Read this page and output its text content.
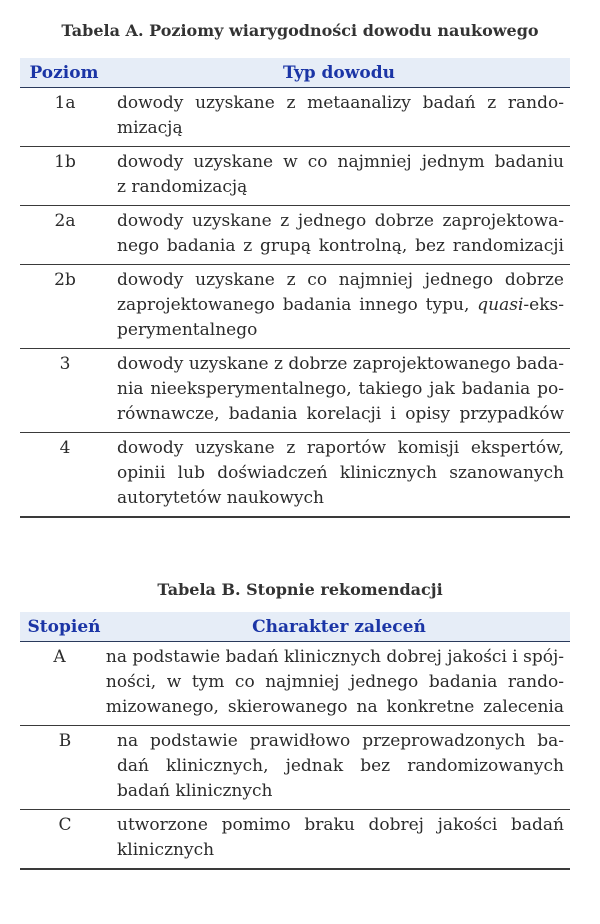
Tabela A. Poziomy wiarygodności dowodu naukowego
Poziom	Typ dowodu
1a	dowody uzyskane z metaanalizy badań z rando-
mizacją
1b	dowody uzyskane w co najmniej jednym badaniu
z randomizacją
2a	dowody uzyskane z jednego dobrze zaprojektowa-
nego badania z grupą kontrolną, bez randomizacji
2b	dowody uzyskane z co najmniej jednego dobrze
zaprojektowanego badania innego typu, quasi-eks-
perymentalnego
3	dowody uzyskane z dobrze zaprojektowanego bada-
nia nieeksperymentalnego, takiego jak badania po-
równawcze, badania korelacji i opisy przypadków
4	dowody uzyskane z raportów komisji ekspertów,
opinii lub doświadczeń klinicznych szanowanych
autorytetów naukowych
Tabela B. Stopnie rekomendacji
Stopień	Charakter zaleceń
A	na podstawie badań klinicznych dobrej jakości i spój-
ności, w tym co najmniej jednego badania rando-
mizowanego, skierowanego na konkretne zalecenia
B	na podstawie prawidłowo przeprowadzonych ba-
dań klinicznych, jednak bez randomizowanych
badań klinicznych
C	utworzone pomimo braku dobrej jakości badań
klinicznych
